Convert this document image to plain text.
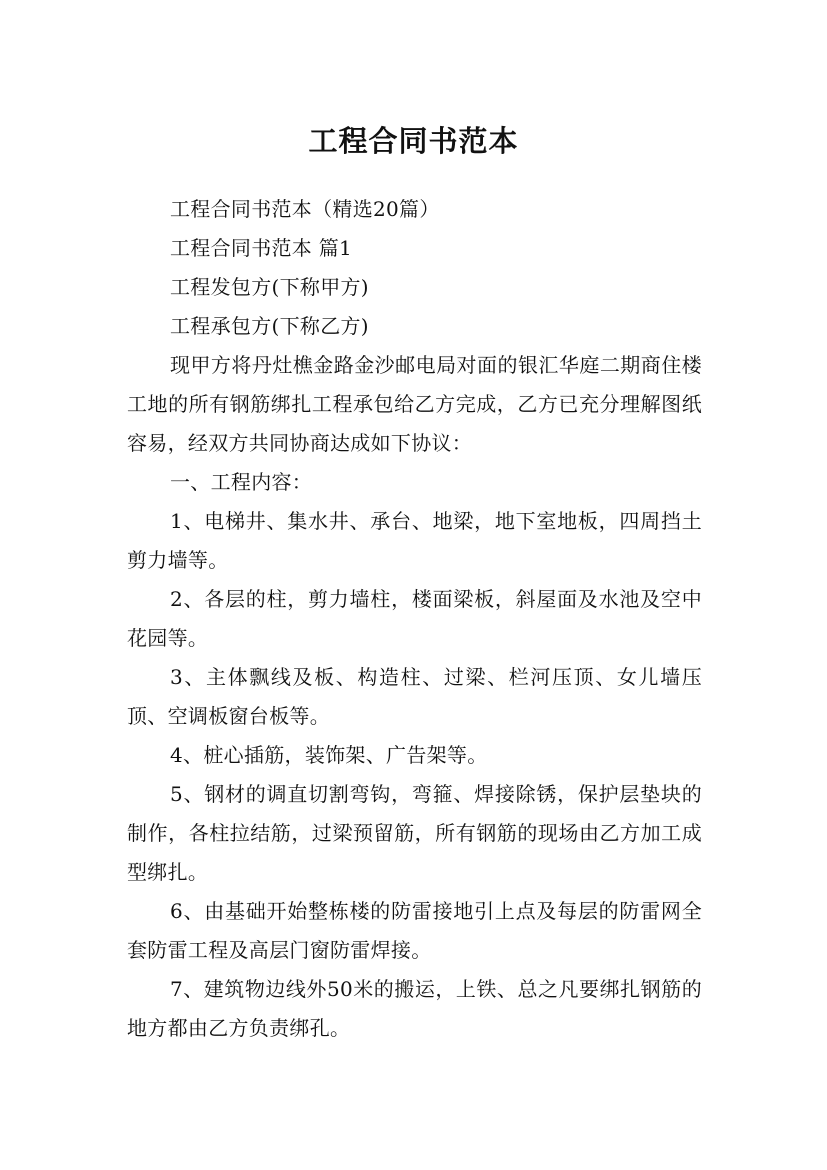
工程合同书范本

工程合同书范本（精选20篇）

工程合同书范本 篇1

工程发包方(下称甲方)

工程承包方(下称乙方)

现甲方将丹灶樵金路金沙邮电局对面的银汇华庭二期商住楼工地的所有钢筋绑扎工程承包给乙方完成，乙方已充分理解图纸容易，经双方共同协商达成如下协议：

一、工程内容：

1、电梯井、集水井、承台、地梁，地下室地板，四周挡土剪力墙等。

2、各层的柱，剪力墙柱，楼面梁板，斜屋面及水池及空中花园等。

3、主体飘线及板、构造柱、过梁、栏河压顶、女儿墙压顶、空调板窗台板等。

4、桩心插筋，装饰架、广告架等。

5、钢材的调直切割弯钩，弯箍、焊接除锈，保护层垫块的制作，各柱拉结筋，过梁预留筋，所有钢筋的现场由乙方加工成型绑扎。

6、由基础开始整栋楼的防雷接地引上点及每层的防雷网全套防雷工程及高层门窗防雷焊接。

7、建筑物边线外50米的搬运，上铁、总之凡要绑扎钢筋的地方都由乙方负责绑孔。
